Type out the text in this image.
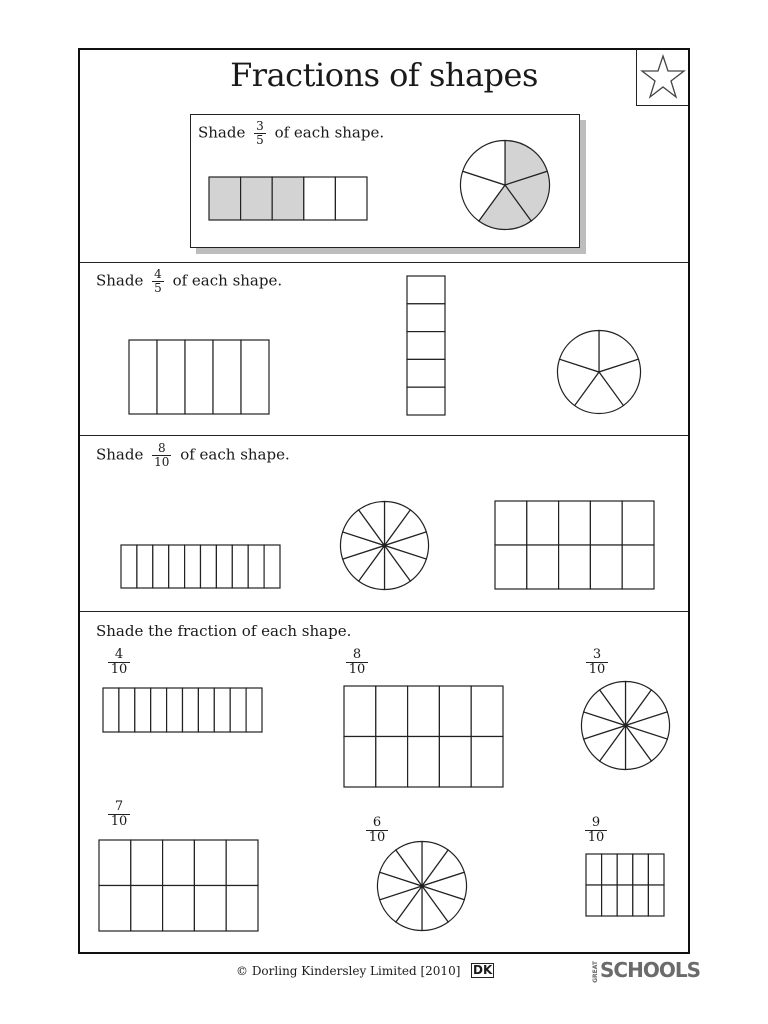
Fractions of shapes
Shade $\frac{3}{5}$ of each shape.
Shade $\frac{4}{5}$ of each shape.
Shade $\frac{8}{10}$ of each shape.
Shade the fraction of each shape.
$\frac{4}{10}$	$\frac{8}{10}$	$\frac{3}{10}$
$\frac{7}{10}$
$\frac{6}{10}$	$\frac{9}{10}$
© Dorling Kindersley Limited [2010] DK	GREATSCHOOLS
